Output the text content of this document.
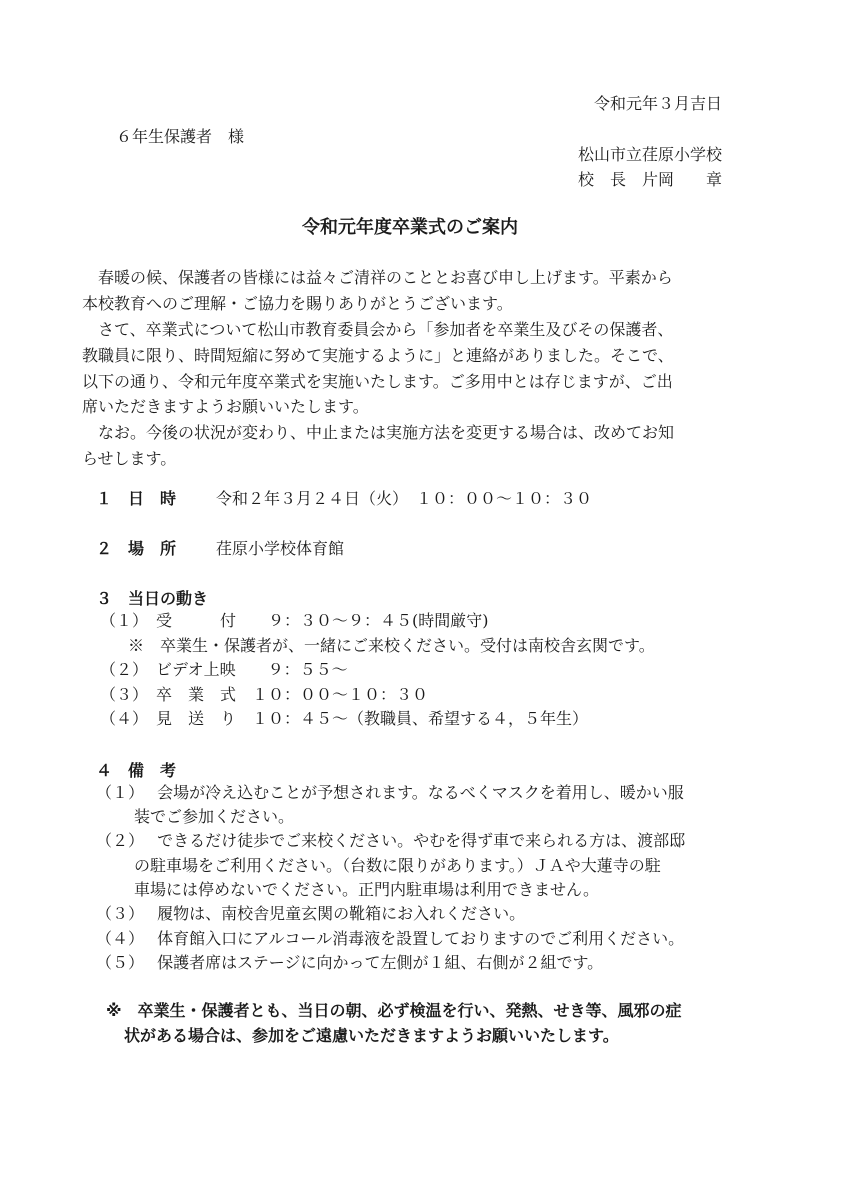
令和元年３月吉日
６年生保護者　様
松山市立荏原小学校
校　長　片岡　　章
令和元年度卒業式のご案内
春暖の候、保護者の皆様には益々ご清祥のこととお喜び申し上げます。平素から
本校教育へのご理解・ご協力を賜りありがとうございます。
さて、卒業式について松山市教育委員会から「参加者を卒業生及びその保護者、
教職員に限り、時間短縮に努めて実施するように」と連絡がありました。そこで、
以下の通り、令和元年度卒業式を実施いたします。ご多用中とは存じますが、ご出
席いただきますようお願いいたします。
なお。今後の状況が変わり、中止または実施方法を変更する場合は、改めてお知
らせします。
１　日　時 令和２年３月２４日（火）　１０：００～１０：３０
２　場　所 荏原小学校体育館
３　当日の動き
（１）　受　　　付　　９：３０～９：４５(時間厳守)
※　卒業生・保護者が、一緒にご来校ください。受付は南校舎玄関です。
（２）　ビデオ上映　　９：５５～
（３）　卒　業　式　１０：００～１０：３０
（４）　見　送　り　１０：４５～（教職員、希望する４，５年生）
４　備　考
（１）　 会場が冷え込むことが予想されます。なるべくマスクを着用し、暖かい服
装でご参加ください。
（２）　 できるだけ徒歩でご来校ください。やむを得ず車で来られる方は、渡部邸
の駐車場をご利用ください。（台数に限りがあります。）ＪＡや大蓮寺の駐
車場には停めないでください。正門内駐車場は利用できません。
（３）　 履物は、南校舎児童玄関の靴箱にお入れください。
（４）　 体育館入口にアルコール消毒液を設置しておりますのでご利用ください。
（５）　 保護者席はステージに向かって左側が１組、右側が２組です。
※　卒業生・保護者とも、当日の朝、必ず検温を行い、発熱、せき等、風邪の症
状がある場合は、参加をご遠慮いただきますようお願いいたします。
